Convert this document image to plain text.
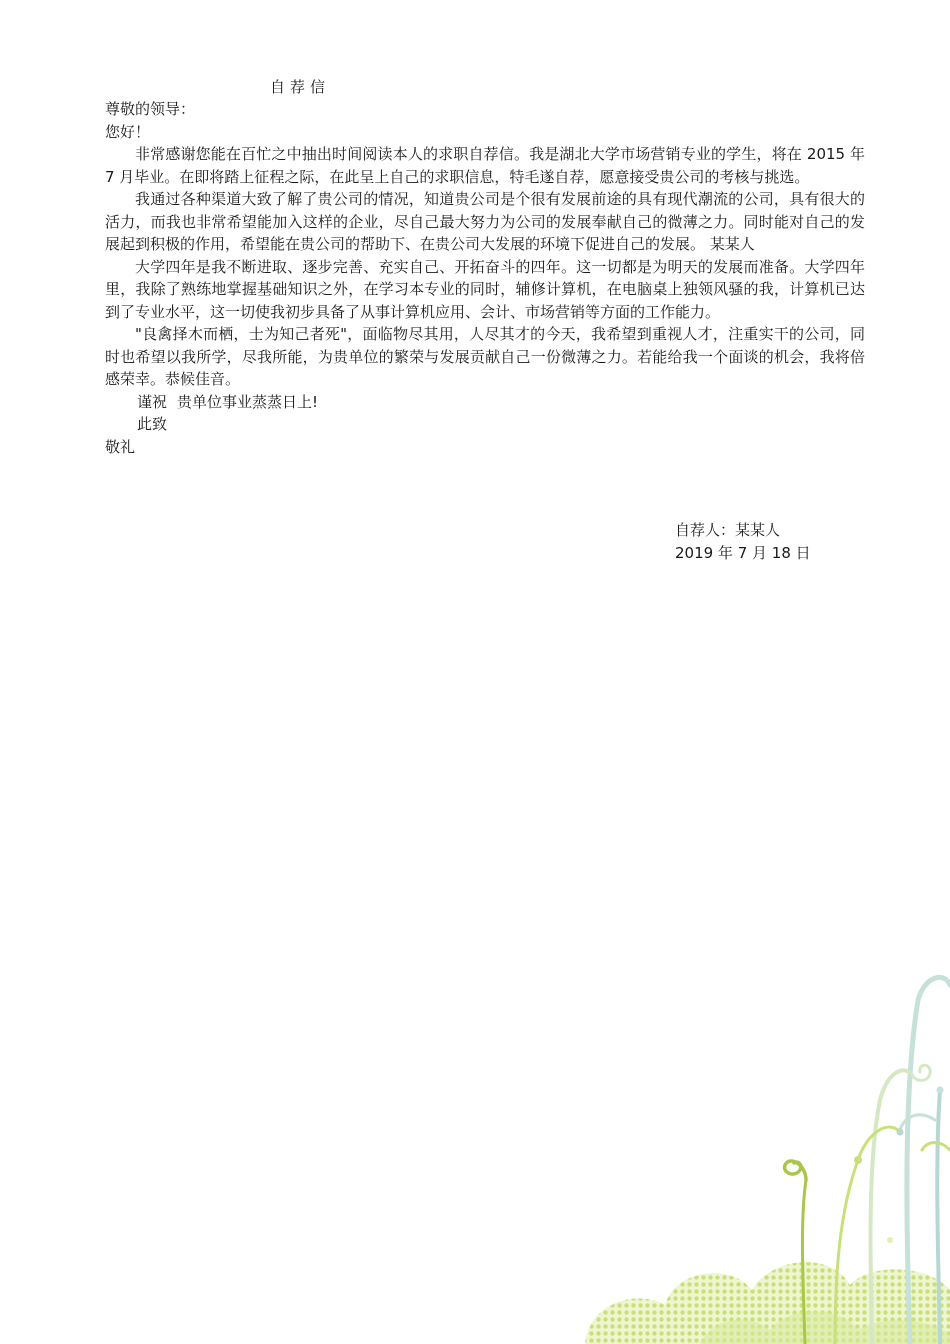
自荐信

尊敬的领导：

您好！

非常感谢您能在百忙之中抽出时间阅读本人的求职自荐信。我是湖北大学市场营销专业的学生，将在 2015 年 7 月毕业。在即将踏上征程之际，在此呈上自己的求职信息，特毛遂自荐，愿意接受贵公司的考核与挑选。

我通过各种渠道大致了解了贵公司的情况，知道贵公司是个很有发展前途的具有现代潮流的公司，具有很大的活力，而我也非常希望能加入这样的企业，尽自己最大努力为公司的发展奉献自己的微薄之力。同时能对自己的发展起到积极的作用，希望能在贵公司的帮助下、在贵公司大发展的环境下促进自己的发展。 某某人

大学四年是我不断进取、逐步完善、充实自己、开拓奋斗的四年。这一切都是为明天的发展而准备。大学四年里，我除了熟练地掌握基础知识之外，在学习本专业的同时，辅修计算机，在电脑桌上独领风骚的我，计算机已达到了专业水平，这一切使我初步具备了从事计算机应用、会计、市场营销等方面的工作能力。

"良禽择木而栖，士为知己者死"，面临物尽其用，人尽其才的今天，我希望到重视人才，注重实干的公司，同时也希望以我所学，尽我所能，为贵单位的繁荣与发展贡献自己一份微薄之力。若能给我一个面谈的机会，我将倍感荣幸。恭候佳音。

谨祝 贵单位事业蒸蒸日上!

此致

敬礼

自荐人：某某人

2019 年 7 月 18 日
